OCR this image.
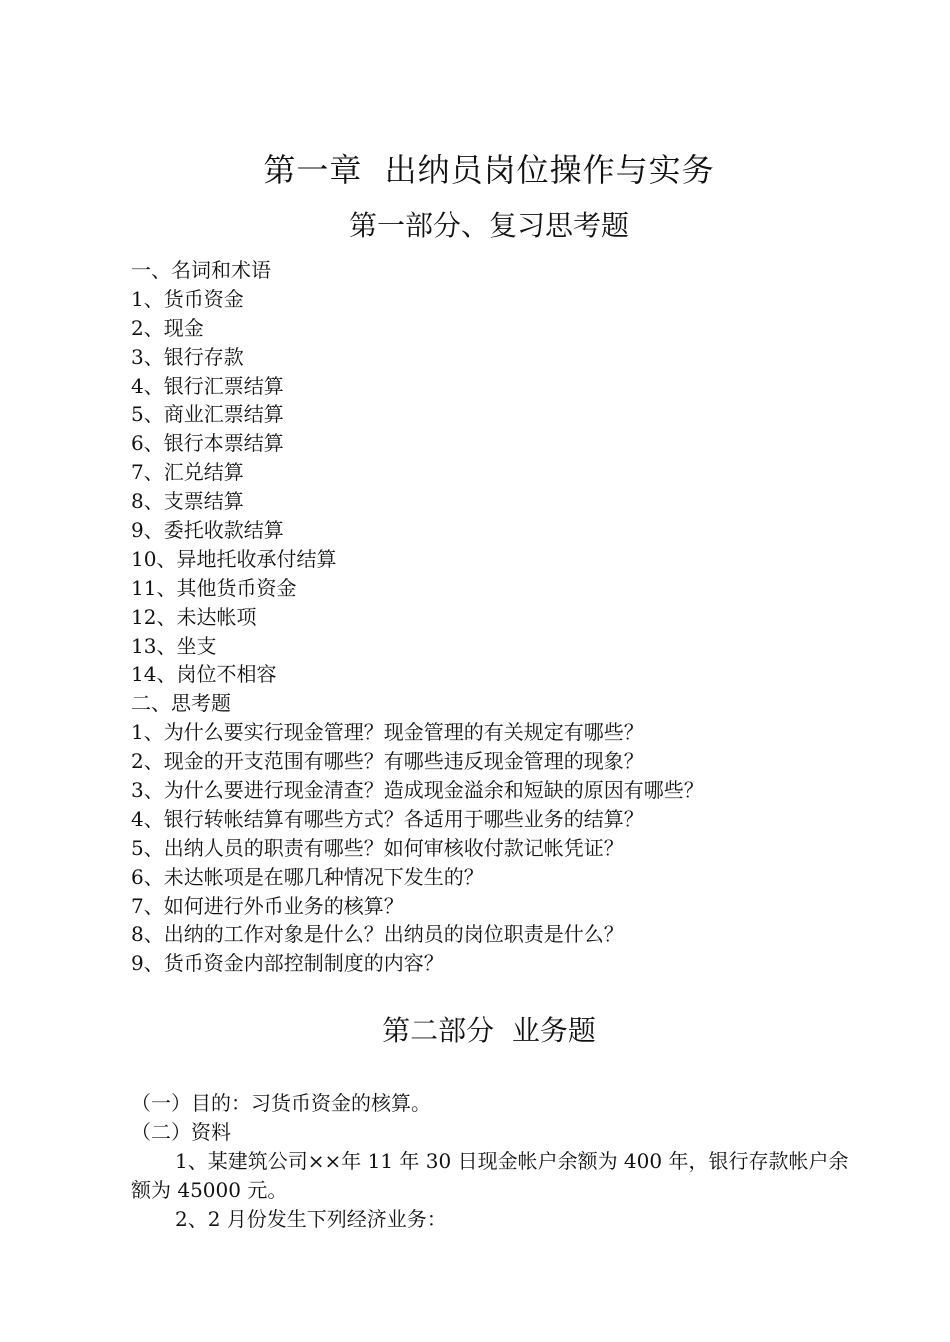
第一章  出纳员岗位操作与实务
第一部分、复习思考题
一、名词和术语
1、货币资金
2、现金
3、银行存款
4、银行汇票结算
5、商业汇票结算
6、银行本票结算
7、汇兑结算
8、支票结算
9、委托收款结算
10、异地托收承付结算
11、其他货币资金
12、未达帐项
13、坐支
14、岗位不相容
二、思考题
1、为什么要实行现金管理？现金管理的有关规定有哪些？
2、现金的开支范围有哪些？有哪些违反现金管理的现象？
3、为什么要进行现金清查？造成现金溢余和短缺的原因有哪些？
4、银行转帐结算有哪些方式？各适用于哪些业务的结算？
5、出纳人员的职责有哪些？如何审核收付款记帐凭证？
6、未达帐项是在哪几种情况下发生的？
7、如何进行外币业务的核算？
8、出纳的工作对象是什么？出纳员的岗位职责是什么？
9、货币资金内部控制制度的内容？
第二部分  业务题

（一）目的：习货币资金的核算。

（二）资料

1、某建筑公司××年 11 年 30 日现金帐户余额为 400 年，银行存款帐户余额为 45000 元。

2、2 月份发生下列经济业务：
